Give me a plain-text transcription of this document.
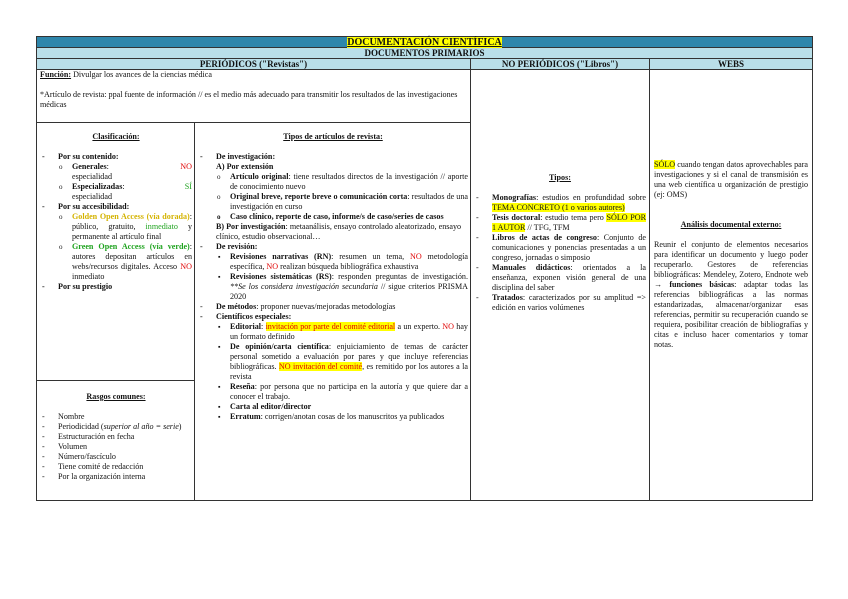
DOCUMENTACIÓN CIENTÍFICA
DOCUMENTOS PRIMARIOS
PERIÓDICOS ("Revistas")	NO PERIÓDICOS ("Libros")	WEBS
Función: Divulgar los avances de la ciencias médica
*Artículo de revista: ppal fuente de información // es el medio más adecuado para transmitir los resultados de las investigaciones médicas
Clasificación:
- Por su contenido:
o Generales:	NO

especialidad
o Especializadas:	SÍ

especialidad
- Por su accesibilidad:
o Golden Open Access (vía dorada): público, gratuito, inmediato y permanente al artículo final
o Green Open Access (vía verde): autores depositan artículos en webs/recursos digitales. Acceso NO inmediato
- Por su prestigio
Rasgos comunes:
- Nombre
- Periodicidad (superior al año = serie)
- Estructuración en fecha
- Volumen
- Número/fascículo
- Tiene comité de redacción
- Por la organización interna
Tipos de artículos de revista:
- De investigación:
A) Por extensión
o Artículo original: tiene resultados directos de la investigación // aporte de conocimiento nuevo
o Original breve, reporte breve o comunicación corta: resultados de una investigación en curso
o Caso clínico, reporte de caso, informe/s de caso/series de casos
B) Por investigación: metaanálisis, ensayo controlado aleatorizado, ensayo clínico, estudio observacional…
- De revisión:
▪ Revisiones narrativas (RN): resumen un tema, NO metodología específica, NO realizan búsqueda bibliográfica exhaustiva
▪ Revisiones sistemáticas (RS): responden preguntas de investigación. **Se los considera investigación secundaria // sigue criterios PRISMA 2020
- De métodos: proponer nuevas/mejoradas metodologías
- Científicos especiales:
▪ Editorial: invitación por parte del comité editorial a un experto. NO hay un formato definido
▪ De opinión/carta científica: enjuiciamiento de temas de carácter personal sometido a evaluación por pares y que incluye referencias bibliográficas. NO invitación del comité, es remitido por los autores a la revista
▪ Reseña: por persona que no participa en la autoría y que quiere dar a conocer el trabajo.
▪ Carta al editor/director
▪ Erratum: corrigen/anotan cosas de los manuscritos ya publicados
Tipos:
- Monografías: estudios en profundidad sobre TEMA CONCRETO (1 o varios autores)
- Tesis doctoral: estudio tema pero SÓLO POR 1 AUTOR // TFG, TFM
- Libros de actas de congreso: Conjunto de comunicaciones y ponencias presentadas a un congreso, jornadas o simposio
- Manuales didácticos: orientados a la enseñanza, exponen visión general de una disciplina del saber
- Tratados: caracterizados por su amplitud => edición en varios volúmenes
SÓLO cuando tengan datos aprovechables para investigaciones y si el canal de transmisión es una web científica u organización de prestigio (ej: OMS)
Análisis documental externo:
Reunir el conjunto de elementos necesarios para identificar un documento y luego poder recuperarlo. Gestores de referencias bibliográficas: Mendeley, Zotero, Endnote web → funciones básicas: adaptar todas las referencias bibliográficas a las normas estandarizadas, almacenar/organizar esas referencias, permitir su recuperación cuando se requiera, posibilitar creación de bibliografías y citas e incluso hacer comentarios y tomar notas.
